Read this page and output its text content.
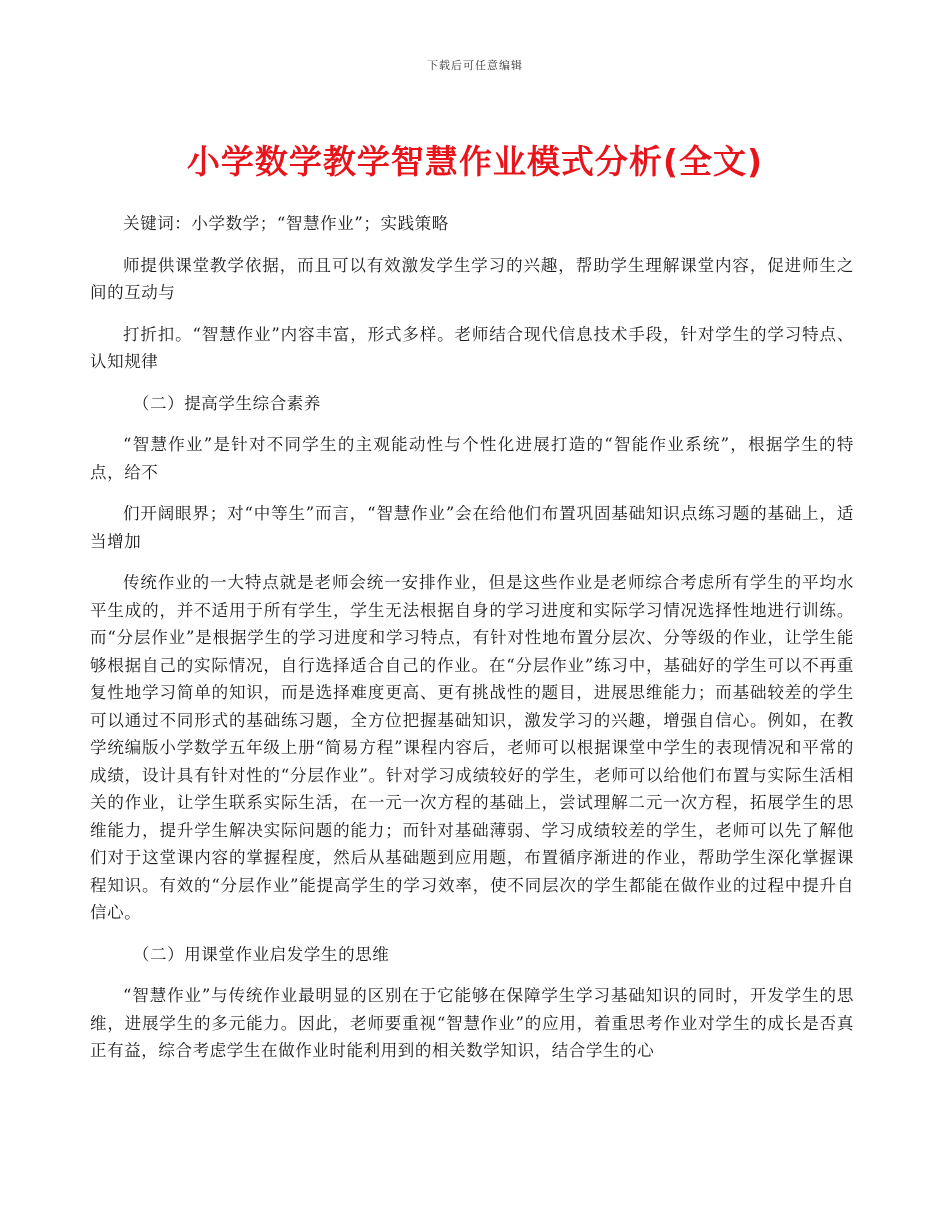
下载后可任意编辑
小学数学教学智慧作业模式分析(全文)

关键词：小学数学；“智慧作业”；实践策略

师提供课堂教学依据，而且可以有效激发学生学习的兴趣，帮助学生理解课堂内容，促进师生之间的互动与

打折扣。“智慧作业”内容丰富，形式多样。老师结合现代信息技术手段，针对学生的学习特点、认知规律

（二）提高学生综合素养

“智慧作业”是针对不同学生的主观能动性与个性化进展打造的“智能作业系统”，根据学生的特点，给不

们开阔眼界；对“中等生”而言，“智慧作业”会在给他们布置巩固基础知识点练习题的基础上，适当增加

传统作业的一大特点就是老师会统一安排作业，但是这些作业是老师综合考虑所有学生的平均水平生成的，并不适用于所有学生，学生无法根据自身的学习进度和实际学习情况选择性地进行训练。而“分层作业”是根据学生的学习进度和学习特点，有针对性地布置分层次、分等级的作业，让学生能够根据自己的实际情况，自行选择适合自己的作业。在“分层作业”练习中，基础好的学生可以不再重复性地学习简单的知识，而是选择难度更高、更有挑战性的题目，进展思维能力；而基础较差的学生可以通过不同形式的基础练习题，全方位把握基础知识，激发学习的兴趣，增强自信心。例如，在教学统编版小学数学五年级上册“简易方程”课程内容后，老师可以根据课堂中学生的表现情况和平常的成绩，设计具有针对性的“分层作业”。针对学习成绩较好的学生，老师可以给他们布置与实际生活相关的作业，让学生联系实际生活，在一元一次方程的基础上，尝试理解二元一次方程，拓展学生的思维能力，提升学生解决实际问题的能力；而针对基础薄弱、学习成绩较差的学生，老师可以先了解他们对于这堂课内容的掌握程度，然后从基础题到应用题，布置循序渐进的作业，帮助学生深化掌握课程知识。有效的“分层作业”能提高学生的学习效率，使不同层次的学生都能在做作业的过程中提升自信心。

（二）用课堂作业启发学生的思维

“智慧作业”与传统作业最明显的区别在于它能够在保障学生学习基础知识的同时，开发学生的思维，进展学生的多元能力。因此，老师要重视“智慧作业”的应用，着重思考作业对学生的成长是否真正有益，综合考虑学生在做作业时能利用到的相关数学知识，结合学生的心
